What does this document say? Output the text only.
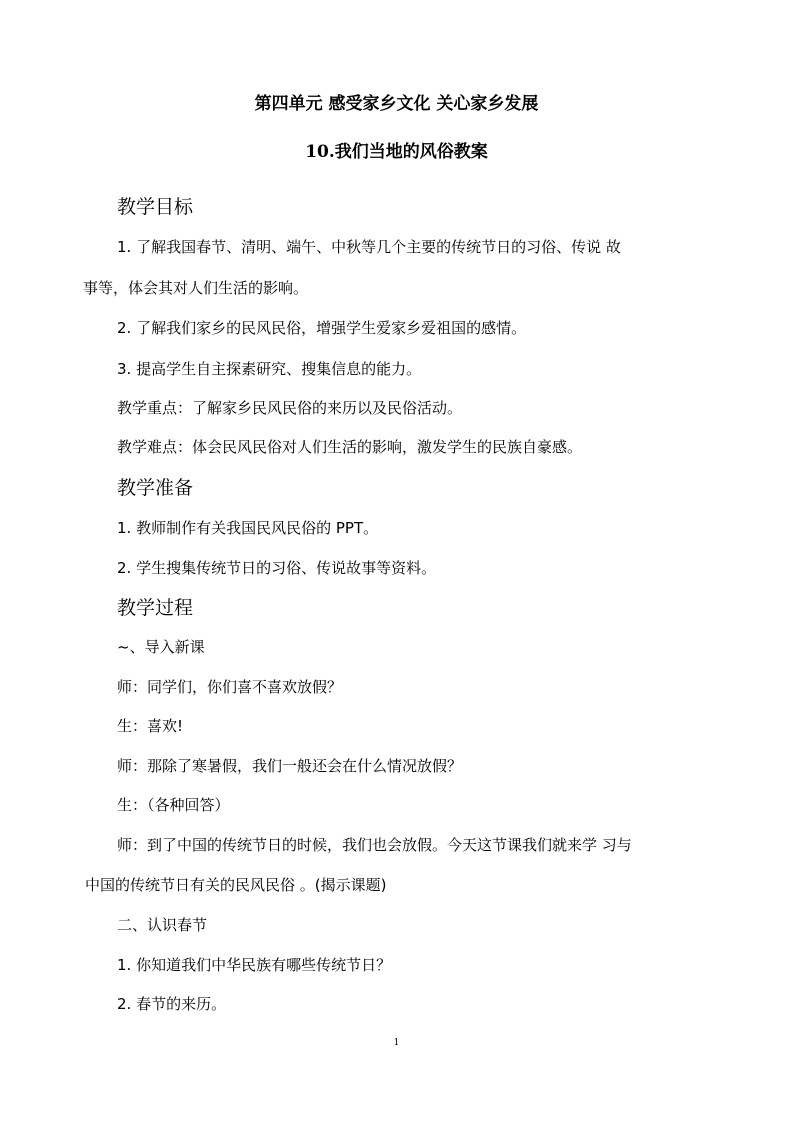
第四单元 感受家乡文化 关心家乡发展
10.我们当地的风俗教案
教学目标
1. 了解我国春节、清明、端午、中秋等几个主要的传统节日的习俗、传说 故
事等，体会其对人们生活的影响。
2. 了解我们家乡的民风民俗，增强学生爱家乡爱祖国的感情。
3. 提高学生自主探素研究、搜集信息的能力。
教学重点：了解家乡民风民俗的来历以及民俗活动。
教学难点：体会民风民俗对人们生活的影响，激发学生的民族自豪感。
教学准备
1. 教师制作有关我国民风民俗的 PPT。
2. 学生搜集传统节日的习俗、传说故事等资料。
教学过程
~、导入新课
师：同学们，你们喜不喜欢放假？
生：喜欢!
师：那除了寒暑假，我们一般还会在什么情况放假？
生：（各种回答）
师：到了中国的传统节日的时候，我们也会放假。今天这节课我们就来学 习与
中国的传统节日有关的民风民俗 。(揭示课题)
二、认识春节
1. 你知道我们中华民族有哪些传统节日？
2. 春节的来历。
1
